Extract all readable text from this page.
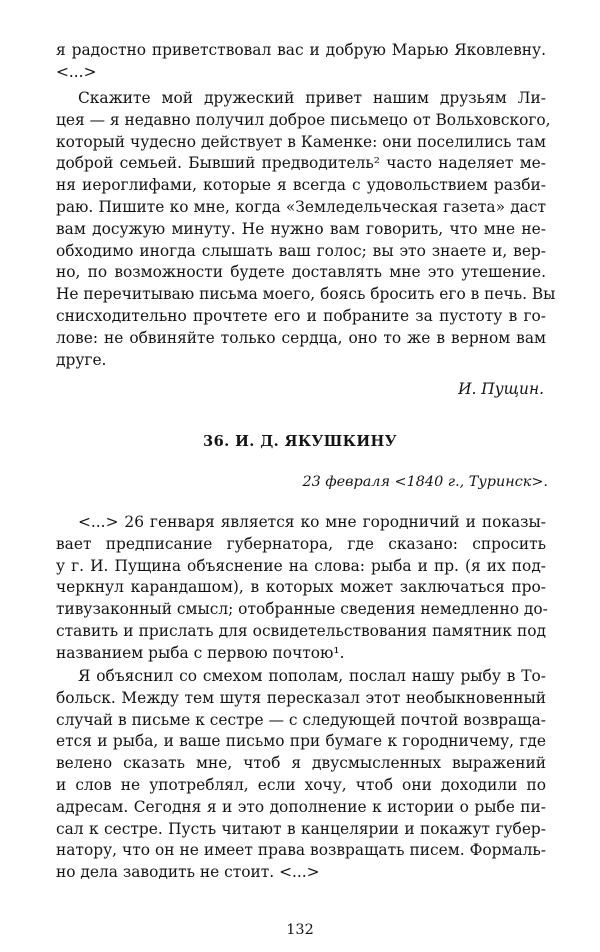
я радостно приветствовал вас и добрую Марью Яковлевну.
<...>
Скажите мой дружеский привет нашим друзьям Ли-
цея — я недавно получил доброе письмецо от Вольховского,
который чудесно действует в Каменке: они поселились там
доброй семьей. Бывший предводитель² часто наделяет ме-
ня иероглифами, которые я всегда с удовольствием разби-
раю. Пишите ко мне, когда «Земледельческая газета» даст
вам досужую минуту. Не нужно вам говорить, что мне не-
обходимо иногда слышать ваш голос; вы это знаете и, вер-
но, по возможности будете доставлять мне это утешение.
Не перечитываю письма моего, боясь бросить его в печь. Вы
снисходительно прочтете его и побраните за пустоту в го-
лове: не обвиняйте только сердца, оно то же в верном вам
друге.
И. Пущин.
36. И. Д. ЯКУШКИНУ
23 февраля <1840 г., Туринск>.
<...> 26 генваря является ко мне городничий и показы-
вает предписание губернатора, где сказано: спросить
у г. И. Пущина объяснение на слова: рыба и пр. (я их под-
черкнул карандашом), в которых может заключаться про-
тивузаконный смысл; отобранные сведения немедленно до-
ставить и прислать для освидетельствования памятник под
названием рыба с первою почтою¹.
Я объяснил со смехом пополам, послал нашу рыбу в То-
больск. Между тем шутя пересказал этот необыкновенный
случай в письме к сестре — с следующей почтой возвраща-
ется и рыба, и ваше письмо при бумаге к городничему, где
велено сказать мне, чтоб я двусмысленных выражений
и слов не употреблял, если хочу, чтоб они доходили по
адресам. Сегодня я и это дополнение к истории о рыбе пи-
сал к сестре. Пусть читают в канцелярии и покажут губер-
натору, что он не имеет права возвращать писем. Формаль-
но дела заводить не стоит. <...>
132
